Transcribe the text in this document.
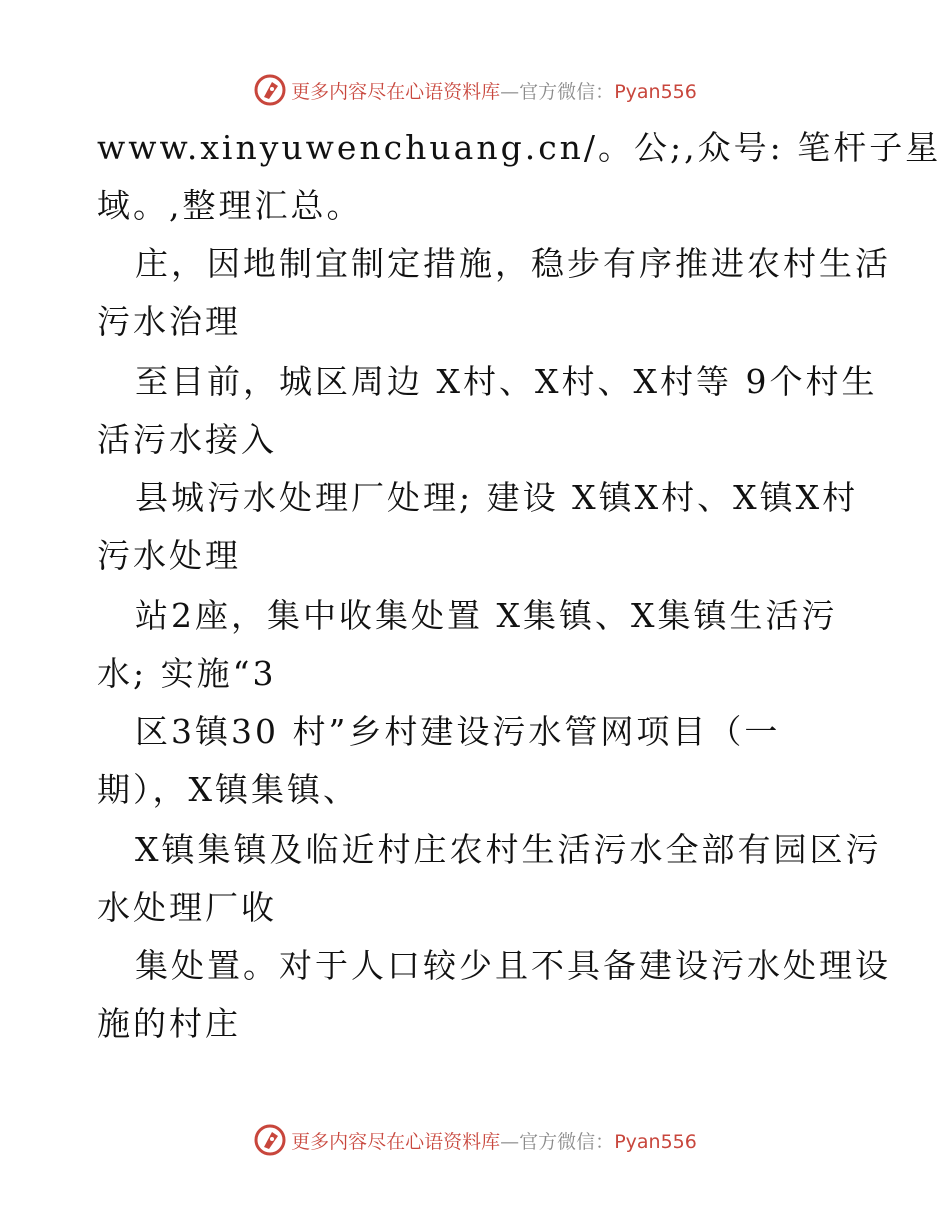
更多内容尽在心语资料库—官方微信：Pyan556
www.xinyuwenchuang.cn/。公;,众号: 笔杆子星
域。,整理汇总。
庄，因地制宜制定措施，稳步有序推进农村生活
污水治理
至目前，城区周边 X村、X村、X村等 9个村生
活污水接入
县城污水处理厂处理; 建设 X镇X村、X镇X村
污水处理
站2座，集中收集处置 X集镇、X集镇生活污
水; 实施“3
区3镇30 村”乡村建设污水管网项目（一
期），X镇集镇、
X镇集镇及临近村庄农村生活污水全部有园区污
水处理厂收
集处置。对于人口较少且不具备建设污水处理设
施的村庄
更多内容尽在心语资料库—官方微信：Pyan556
